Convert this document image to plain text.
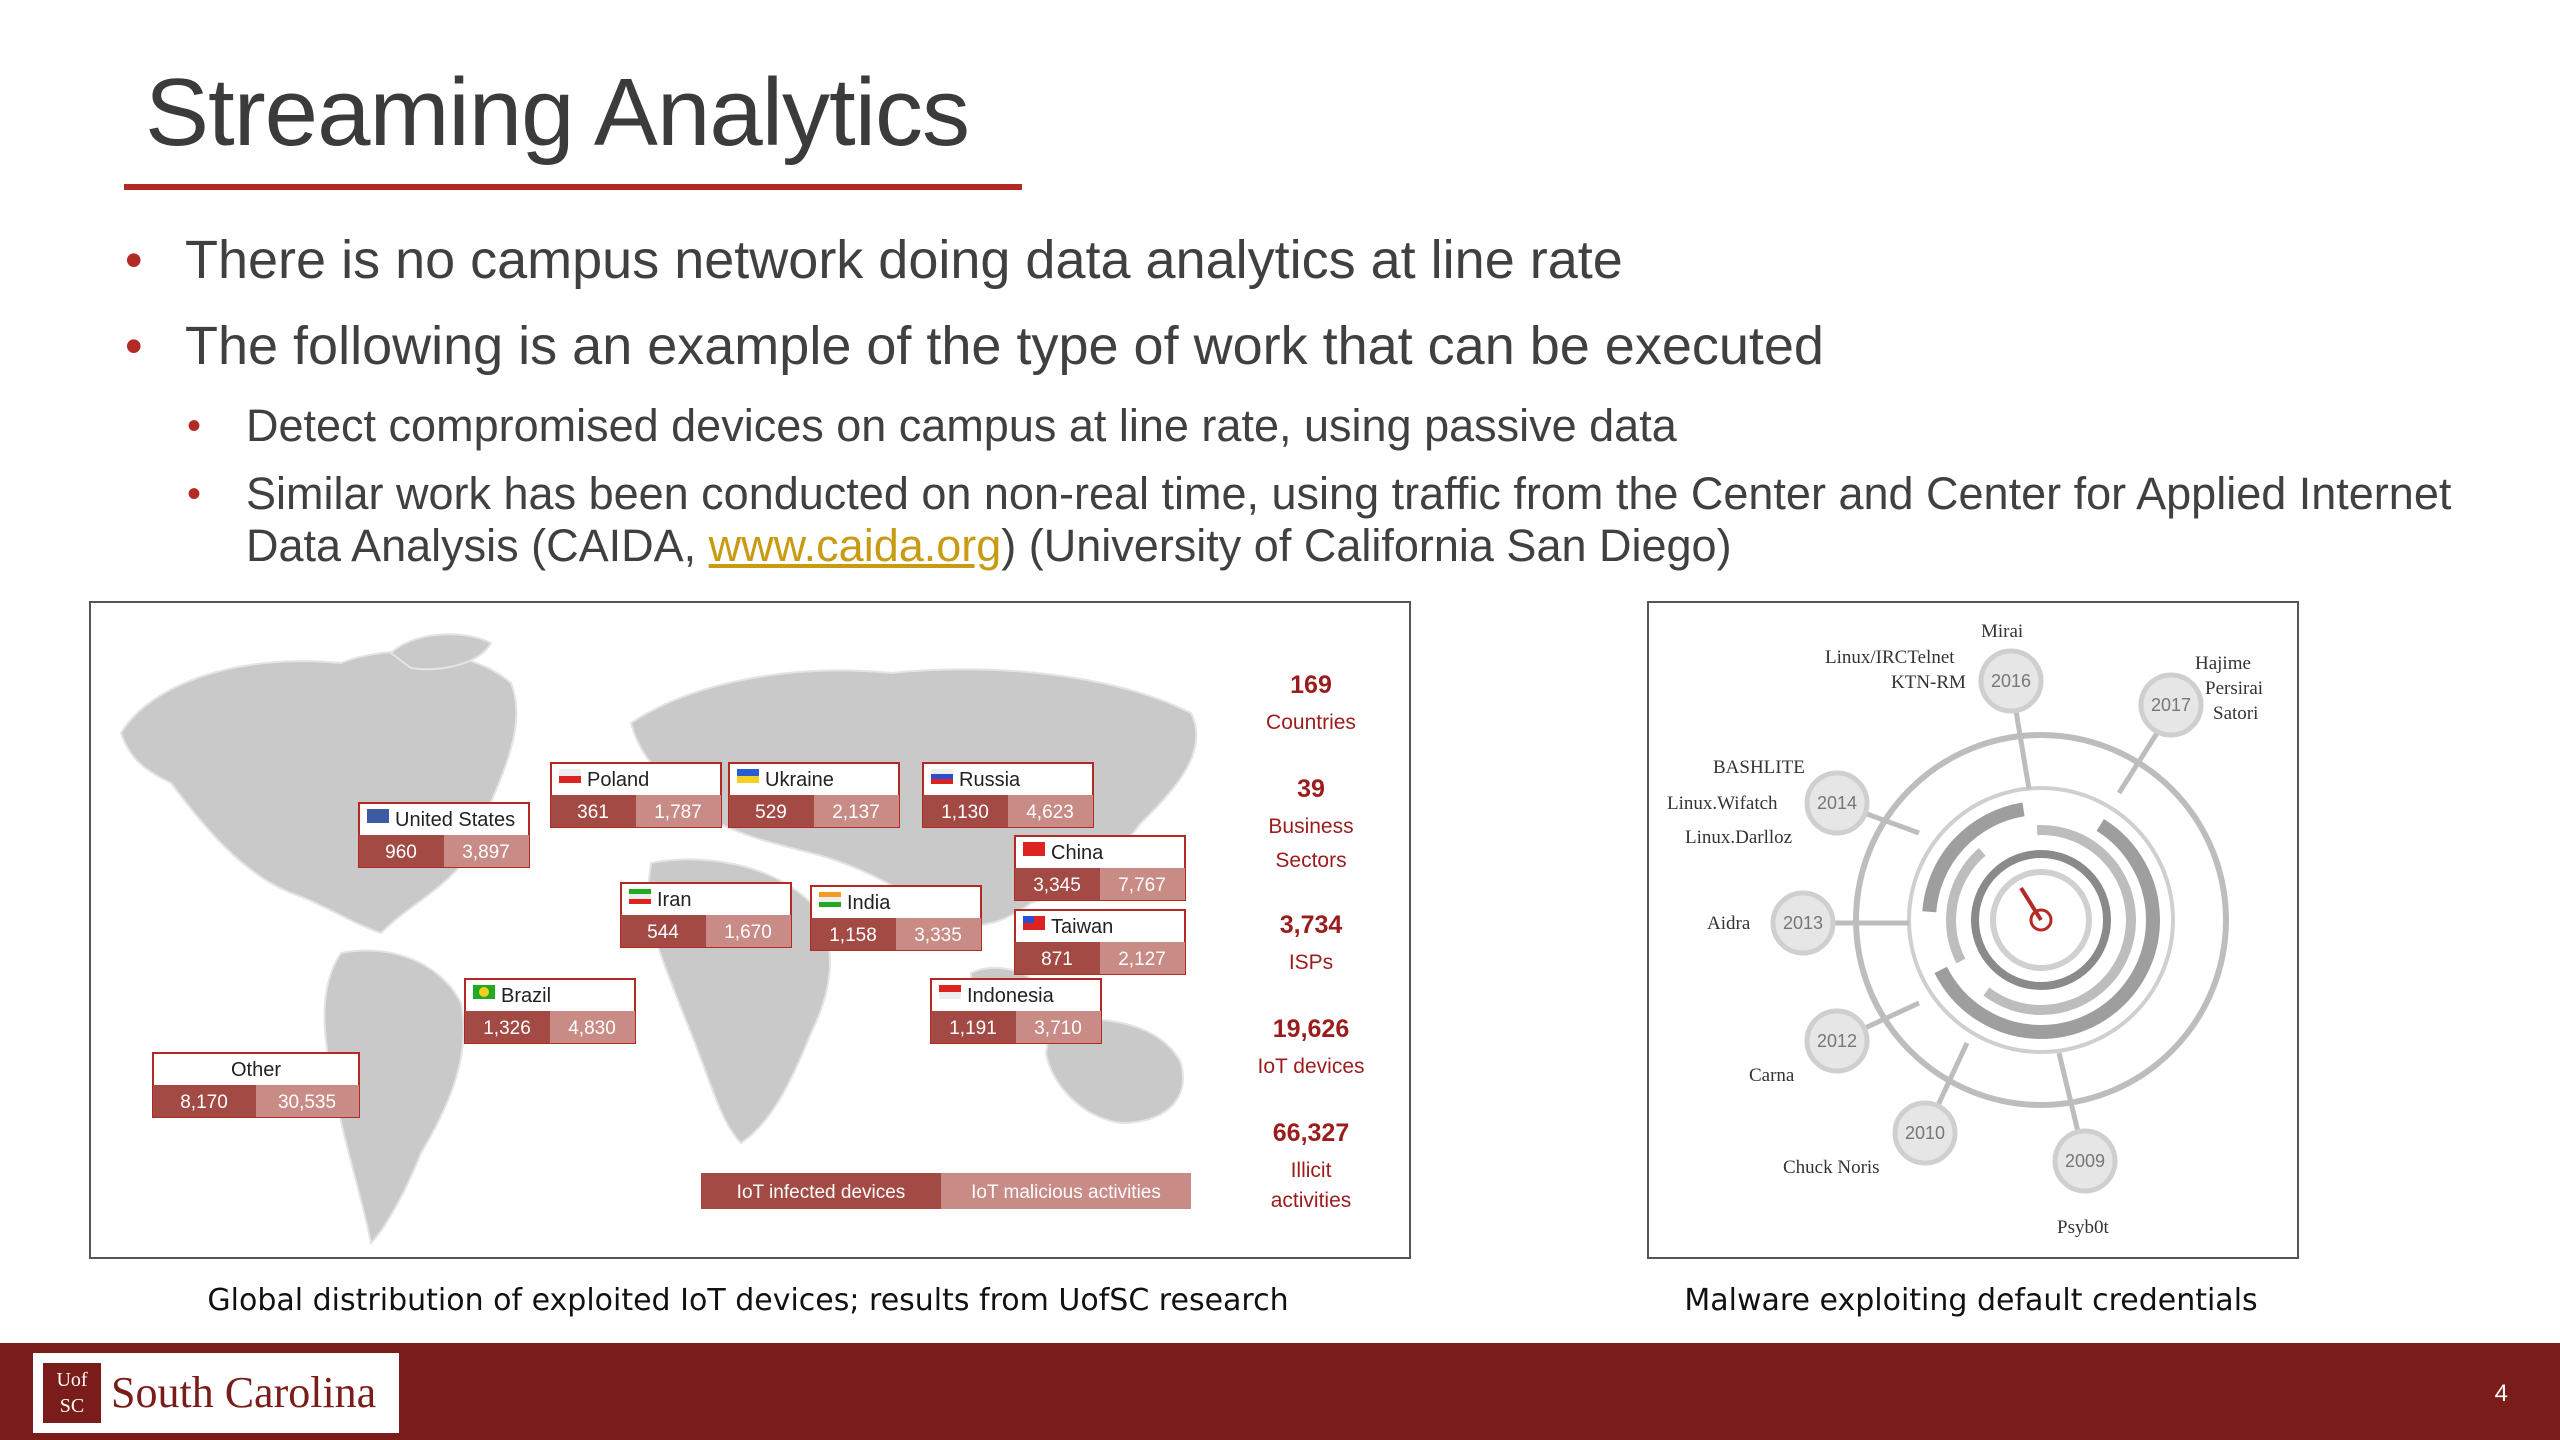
Streaming Analytics
• There is no campus network doing data analytics at line rate
• The following is an example of the type of work that can be executed
• Detect compromised devices on campus at line rate, using passive data
• Similar work has been conducted on non-real time, using traffic from the Center and Center for Applied Internet Data Analysis (CAIDA, www.caida.org) (University of California San Diego)
United States
960 3,897
Poland
361 1,787
Ukraine
529 2,137
Russia
1,130 4,623
China
3,345 7,767
Iran
544 1,670
India
1,158 3,335	Taiwan
871 2,127
Brazil
1,326 4,830
Indonesia
1,191 3,710
Other
8,170	30,535
IoT infected devices	IoT malicious activities
169
Countries
39
Business
Sectors
3,734
ISPs
19,626
IoT devices
66,327
Illicit
activities
Global distribution of exploited IoT devices; results from UofSC research
2016
2017
2014
2013
2012
2010
2009
Mirai
Linux/IRCTelnet
KTN-RM
Hajime
Persirai
Satori
BASHLITE
Linux.Wifatch
Linux.Darlloz
Aidra
Carna
Chuck Noris
Psyb0t
Malware exploiting default credentials
Uof SC South Carolina	4
